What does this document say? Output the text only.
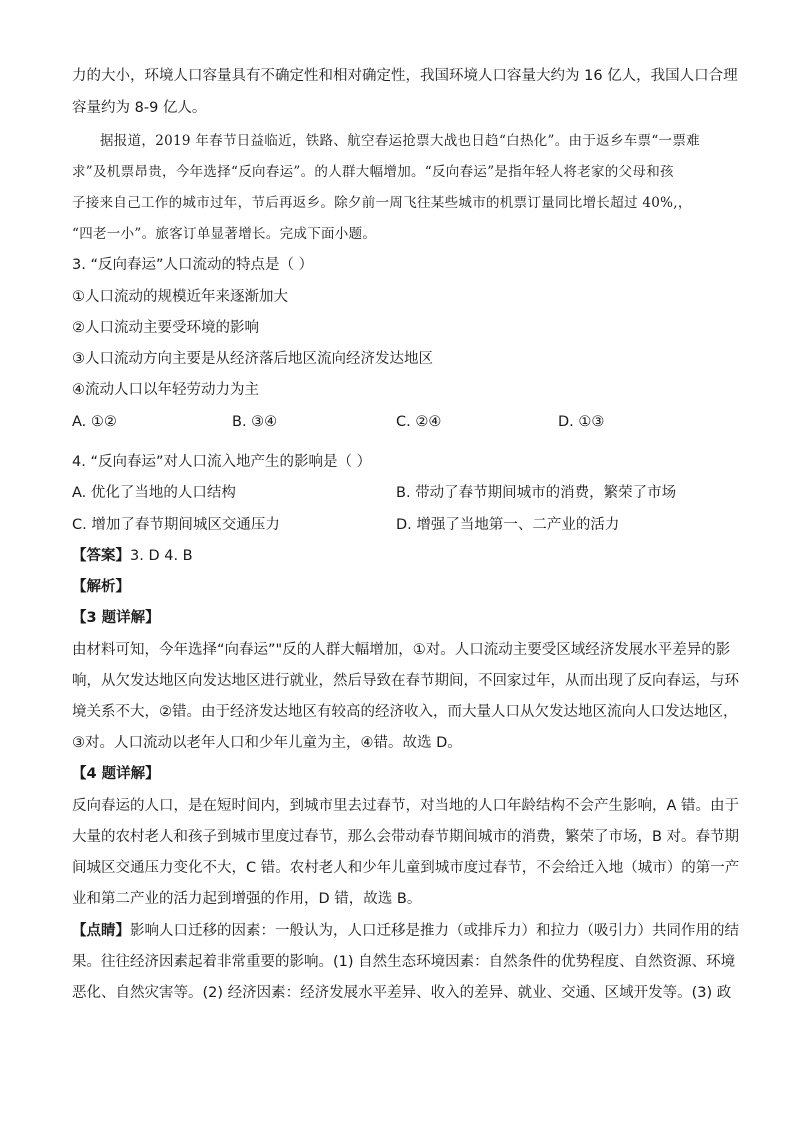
力的大小，环境人口容量具有不确定性和相对确定性，我国环境人口容量大约为 16 亿人，我国人口合理
容量约为 8-9 亿人。
据报道，2019 年春节日益临近，铁路、航空春运抢票大战也日趋“白热化”。由于返乡车票“一票难
求”及机票昂贵，今年选择“反向春运”。的人群大幅增加。“反向春运”是指年轻人将老家的父母和孩
子接来自己工作的城市过年，节后再返乡。除夕前一周飞往某些城市的机票订量同比增长超过 40%,，
“四老一小”。旅客订单显著增长。完成下面小题。
3. “反向春运”人口流动的特点是（ ）
①人口流动的规模近年来逐渐加大
②人口流动主要受环境的影响
③人口流动方向主要是从经济落后地区流向经济发达地区
④流动人口以年轻劳动力为主
A. ①②	B. ③④	C. ②④	D. ①③
4. “反向春运”对人口流入地产生的影响是（ ）
A. 优化了当地的人口结构	B. 带动了春节期间城市的消费，繁荣了市场
C. 增加了春节期间城区交通压力	D. 增强了当地第一、二产业的活力
【答案】3. D 4. B
【解析】
【3 题详解】
由材料可知，今年选择“向春运”"反的人群大幅增加，①对。人口流动主要受区域经济发展水平差异的影
响，从欠发达地区向发达地区进行就业，然后导致在春节期间，不回家过年，从而出现了反向春运，与环
境关系不大，②错。由于经济发达地区有较高的经济收入，而大量人口从欠发达地区流向人口发达地区，
③对。人口流动以老年人口和少年儿童为主，④错。故选 D。
【4 题详解】
反向春运的人口，是在短时间内，到城市里去过春节，对当地的人口年龄结构不会产生影响，A 错。由于
大量的农村老人和孩子到城市里度过春节，那么会带动春节期间城市的消费，繁荣了市场，B 对。春节期
间城区交通压力变化不大，C 错。农村老人和少年儿童到城市度过春节，不会给迁入地（城市）的第一产
业和第二产业的活力起到增强的作用，D 错，故选 B。
【点睛】影响人口迁移的因素：一般认为，人口迁移是推力（或排斥力）和拉力（吸引力）共同作用的结
果。往往经济因素起着非常重要的影响。(1) 自然生态环境因素：自然条件的优势程度、自然资源、环境
恶化、自然灾害等。(2) 经济因素：经济发展水平差异、收入的差异、就业、交通、区域开发等。(3) 政
